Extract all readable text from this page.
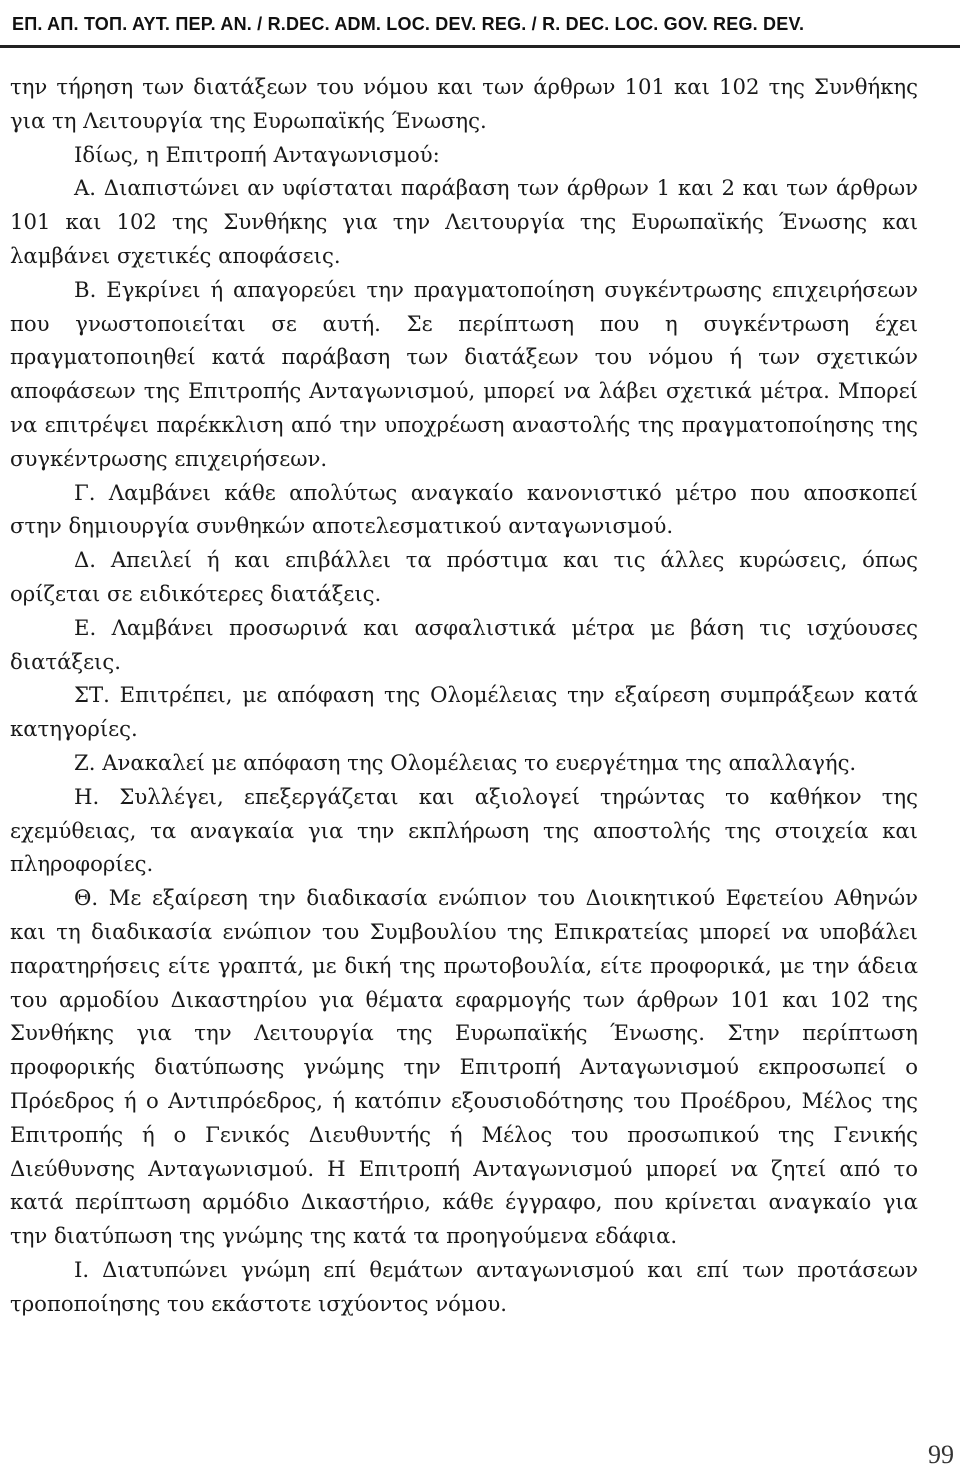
ΕΠ. ΑΠ. ΤΟΠ. ΑΥΤ. ΠΕΡ. ΑΝ. / R.DEC. ADM. LOC. DEV. REG. / R. DEC. LOC. GOV. REG. DEV.

την τήρηση των διατάξεων του νόμου και των άρθρων 101 και 102 της Συνθήκης για τη Λειτουργία της Ευρωπαϊκής Ένωσης.

Ιδίως, η Επιτροπή Ανταγωνισμού:

Α. Διαπιστώνει αν υφίσταται παράβαση των άρθρων 1 και 2 και των άρθρων 101 και 102 της Συνθήκης για την Λειτουργία της Ευρωπαϊκής Ένωσης και λαμβάνει σχετικές αποφάσεις.

Β. Εγκρίνει ή απαγορεύει την πραγματοποίηση συγκέντρωσης επιχειρήσεων που γνωστοποιείται σε αυτή. Σε περίπτωση που η συγκέντρωση έχει πραγματοποιηθεί κατά παράβαση των διατάξεων του νόμου ή των σχετικών αποφάσεων της Επιτροπής Ανταγωνισμού, μπορεί να λάβει σχετικά μέτρα. Μπορεί να επιτρέψει παρέκκλιση από την υποχρέωση αναστολής της πραγματοποίησης της συγκέντρωσης επιχειρήσεων.

Γ. Λαμβάνει κάθε απολύτως αναγκαίο κανονιστικό μέτρο που αποσκοπεί στην δημιουργία συνθηκών αποτελεσματικού ανταγωνισμού.

Δ. Απειλεί ή και επιβάλλει τα πρόστιμα και τις άλλες κυρώσεις, όπως ορίζεται σε ειδικότερες διατάξεις.

Ε. Λαμβάνει προσωρινά και ασφαλιστικά μέτρα με βάση τις ισχύουσες διατάξεις.

ΣΤ. Επιτρέπει, με απόφαση της Ολομέλειας την εξαίρεση συμπράξεων κατά κατηγορίες.

Ζ. Ανακαλεί με απόφαση της Ολομέλειας το ευεργέτημα της απαλλαγής.

Η. Συλλέγει, επεξεργάζεται και αξιολογεί τηρώντας το καθήκον της εχεμύθειας, τα αναγκαία για την εκπλήρωση της αποστολής της στοιχεία και πληροφορίες.

Θ. Με εξαίρεση την διαδικασία ενώπιον του Διοικητικού Εφετείου Αθηνών και τη διαδικασία ενώπιον του Συμβουλίου της Επικρατείας μπορεί να υποβάλει παρατηρήσεις είτε γραπτά, με δική της πρωτοβουλία, είτε προφορικά, με την άδεια του αρμοδίου Δικαστηρίου για θέματα εφαρμογής των άρθρων 101 και 102 της Συνθήκης για την Λειτουργία της Ευρωπαϊκής Ένωσης. Στην περίπτωση προφορικής διατύπωσης γνώμης την Επιτροπή Ανταγωνισμού εκπροσωπεί ο Πρόεδρος ή ο Αντιπρόεδρος, ή κατόπιν εξουσιοδότησης του Προέδρου, Μέλος της Επιτροπής ή ο Γενικός Διευθυντής ή Μέλος του προσωπικού της Γενικής Διεύθυνσης Ανταγωνισμού. Η Επιτροπή Ανταγωνισμού μπορεί να ζητεί από το κατά περίπτωση αρμόδιο Δικαστήριο, κάθε έγγραφο, που κρίνεται αναγκαίο για την διατύπωση της γνώμης της κατά τα προηγούμενα εδάφια.

Ι. Διατυπώνει γνώμη επί θεμάτων ανταγωνισμού και επί των προτάσεων τροποποίησης του εκάστοτε ισχύοντος νόμου.

99
